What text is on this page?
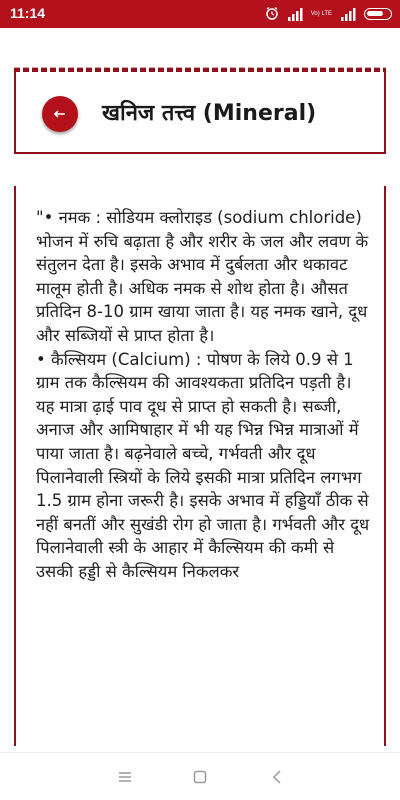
11:14	Vo) LTE
खनिज तत्त्व (Mineral)

"• नमक : सोडियम क्लोराइड (sodium chloride) भोजन में रुचि बढ़ाता है और शरीर के जल और लवण के संतुलन देता है। इसके अभाव में दुर्बलता और थकावट मालूम होती है। अधिक नमक से शोथ होता है। औसत प्रतिदिन 8-10 ग्राम खाया जाता है। यह नमक खाने, दूध और सब्जियों से प्राप्त होता है।

• कैल्सियम (Calcium) : पोषण के लिये 0.9 से 1 ग्राम तक कैल्सियम की आवश्यकता प्रतिदिन पड़ती है। यह मात्रा ढ़ाई पाव दूध से प्राप्त हो सकती है। सब्जी, अनाज और आमिषाहार में भी यह भिन्न भिन्न मात्राओं में पाया जाता है। बढ़नेवाले बच्चे, गर्भवती और दूध पिलानेवाली स्त्रियों के लिये इसकी मात्रा प्रतिदिन लगभग 1.5 ग्राम होना जरूरी है। इसके अभाव में हड्डियाँ ठीक से नहीं बनतीं और सुखंडी रोग हो जाता है। गर्भवती और दूध पिलानेवाली स्त्री के आहार में कैल्सियम की कमी से उसकी हड्डी से कैल्सियम निकलकर
